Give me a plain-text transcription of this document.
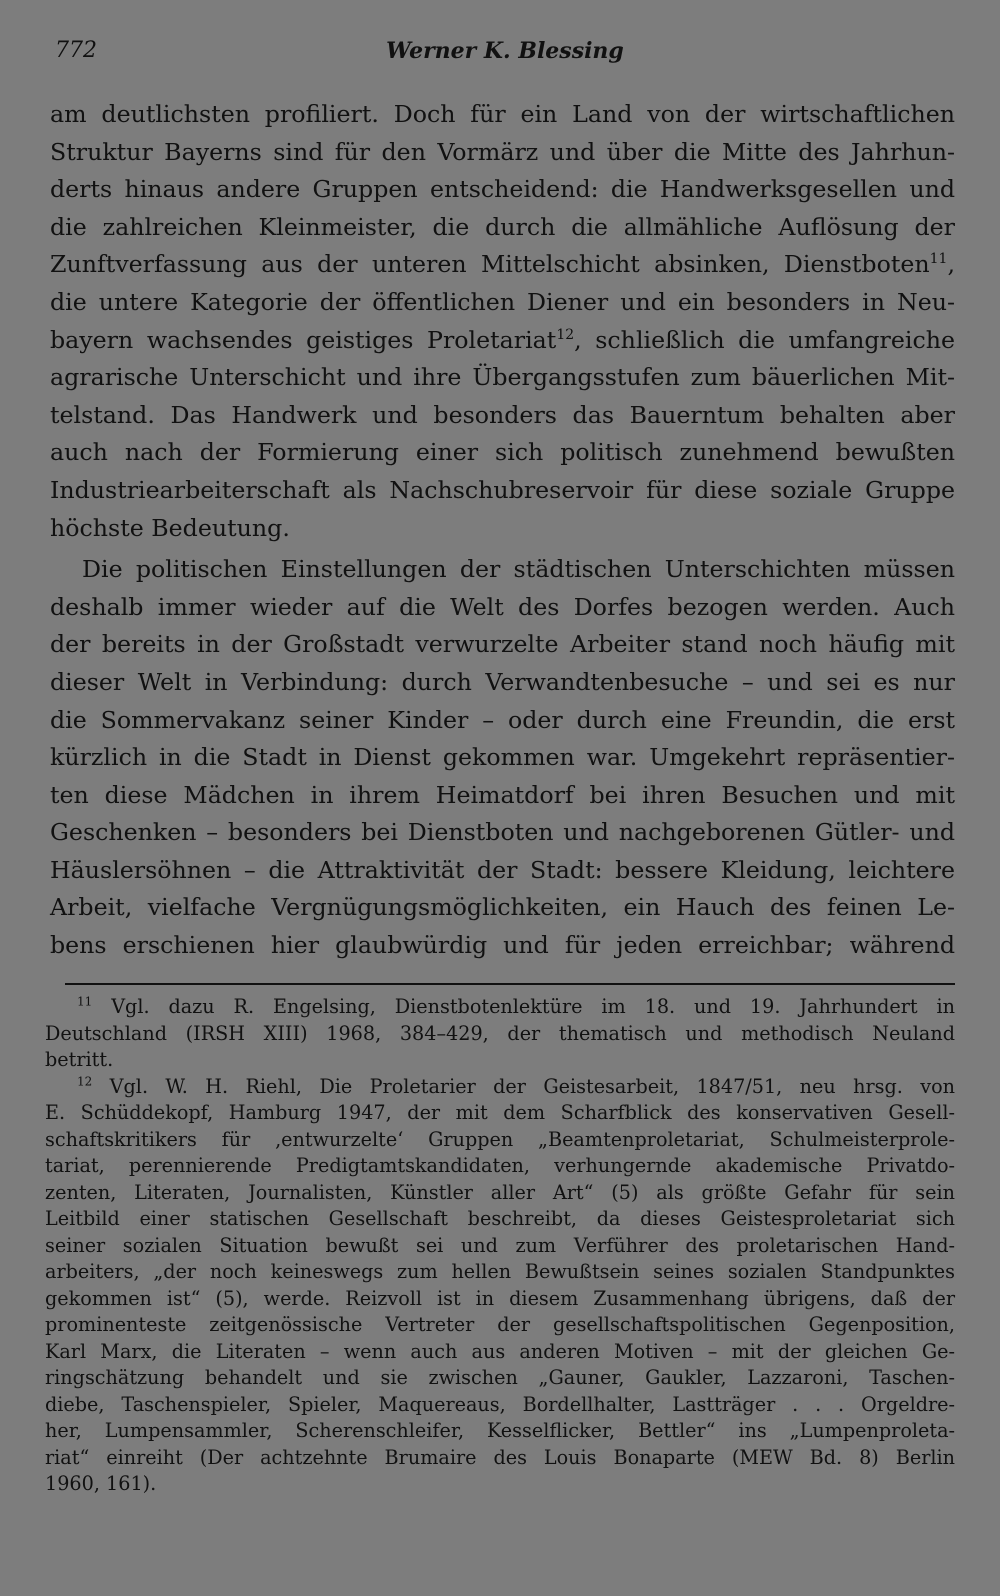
772	Werner K. Blessing

am deutlichsten profiliert. Doch für ein Land von der wirtschaftlichen
Struktur Bayerns sind für den Vormärz und über die Mitte des Jahrhun-
derts hinaus andere Gruppen entscheidend: die Handwerksgesellen und
die zahlreichen Kleinmeister, die durch die allmähliche Auflösung der
Zunftverfassung aus der unteren Mittelschicht absinken, Dienstboten$^{11}$,
die untere Kategorie der öffentlichen Diener und ein besonders in Neu-
bayern wachsendes geistiges Proletariat$^{12}$, schließlich die umfangreiche
agrarische Unterschicht und ihre Übergangsstufen zum bäuerlichen Mit-
telstand. Das Handwerk und besonders das Bauerntum behalten aber
auch nach der Formierung einer sich politisch zunehmend bewußten
Industriearbeiterschaft als Nachschubreservoir für diese soziale Gruppe
höchste Bedeutung.

Die politischen Einstellungen der städtischen Unterschichten müssen
deshalb immer wieder auf die Welt des Dorfes bezogen werden. Auch
der bereits in der Großstadt verwurzelte Arbeiter stand noch häufig mit
dieser Welt in Verbindung: durch Verwandtenbesuche – und sei es nur
die Sommervakanz seiner Kinder – oder durch eine Freundin, die erst
kürzlich in die Stadt in Dienst gekommen war. Umgekehrt repräsentier-
ten diese Mädchen in ihrem Heimatdorf bei ihren Besuchen und mit
Geschenken – besonders bei Dienstboten und nachgeborenen Gütler- und
Häuslersöhnen – die Attraktivität der Stadt: bessere Kleidung, leichtere
Arbeit, vielfache Vergnügungsmöglichkeiten, ein Hauch des feinen Le-
bens erschienen hier glaubwürdig und für jeden erreichbar; während

$^{11}$ Vgl. dazu R. Engelsing, Dienstbotenlektüre im 18. und 19. Jahrhundert in
Deutschland (IRSH XIII) 1968, 384–429, der thematisch und methodisch Neuland
betritt.
$^{12}$ Vgl. W. H. Riehl, Die Proletarier der Geistesarbeit, 1847/51, neu hrsg. von
E. Schüddekopf, Hamburg 1947, der mit dem Scharfblick des konservativen Gesell-
schaftskritikers für ‚entwurzelte‘ Gruppen „Beamtenproletariat, Schulmeisterprole-
tariat, perennierende Predigtamtskandidaten, verhungernde akademische Privatdo-
zenten, Literaten, Journalisten, Künstler aller Art“ (5) als größte Gefahr für sein
Leitbild einer statischen Gesellschaft beschreibt, da dieses Geistesproletariat sich
seiner sozialen Situation bewußt sei und zum Verführer des proletarischen Hand-
arbeiters, „der noch keineswegs zum hellen Bewußtsein seines sozialen Standpunktes
gekommen ist“ (5), werde. Reizvoll ist in diesem Zusammenhang übrigens, daß der
prominenteste zeitgenössische Vertreter der gesellschaftspolitischen Gegenposition,
Karl Marx, die Literaten – wenn auch aus anderen Motiven – mit der gleichen Ge-
ringschätzung behandelt und sie zwischen „Gauner, Gaukler, Lazzaroni, Taschen-
diebe, Taschenspieler, Spieler, Maquereaus, Bordellhalter, Lastträger . . . Orgeldre-
her, Lumpensammler, Scherenschleifer, Kesselflicker, Bettler“ ins „Lumpenproleta-
riat“ einreiht (Der achtzehnte Brumaire des Louis Bonaparte (MEW Bd. 8) Berlin
1960, 161).
